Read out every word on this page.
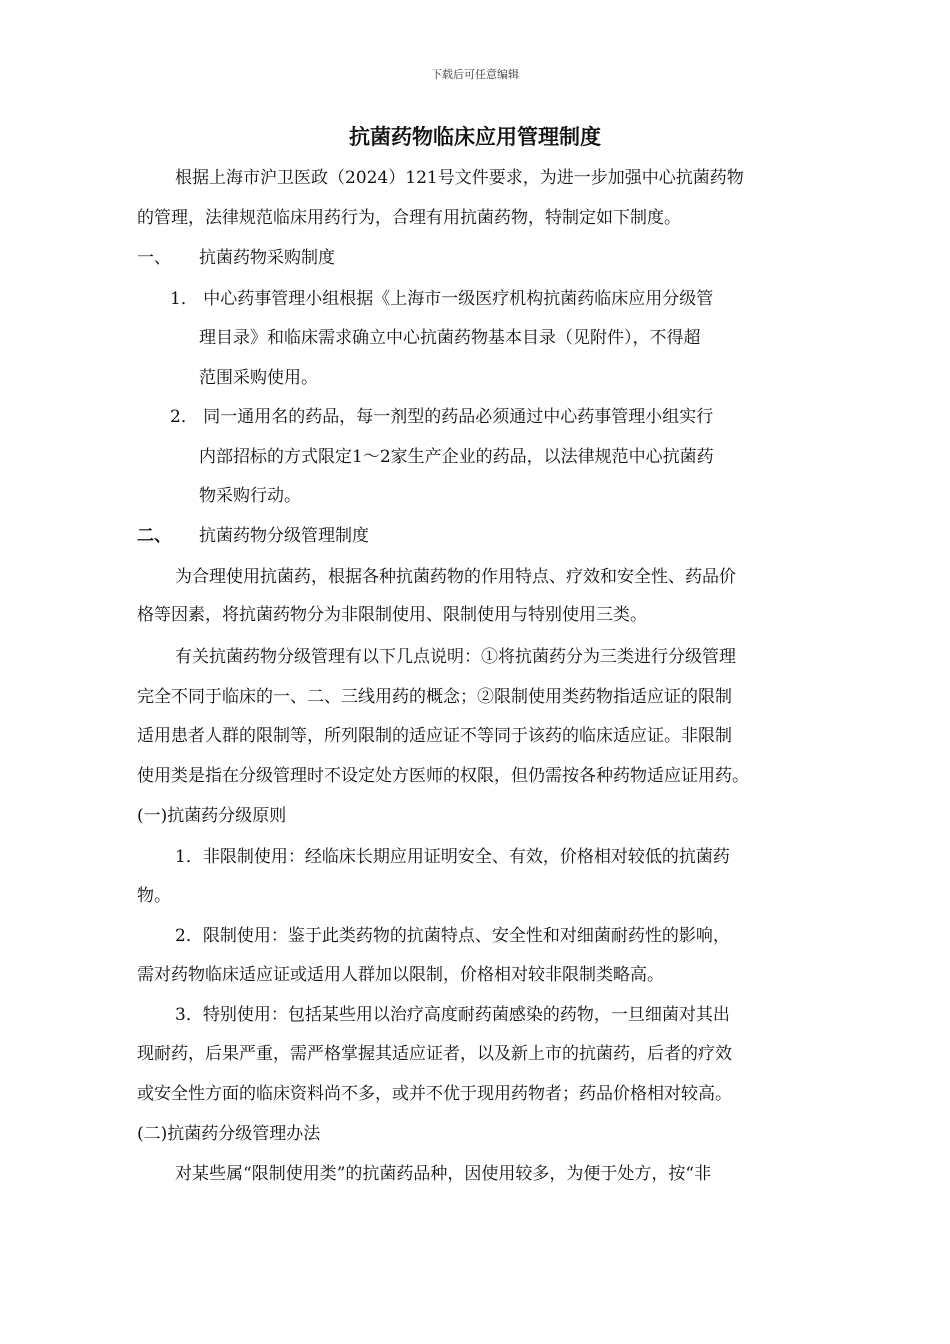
下载后可任意编辑
抗菌药物临床应用管理制度
根据上海市沪卫医政（2024）121号文件要求，为进一步加强中心抗菌药物
的管理，法律规范临床用药行为，合理有用抗菌药物，特制定如下制度。
一、 抗菌药物采购制度
1． 中心药事管理小组根据《上海市一级医疗机构抗菌药临床应用分级管
理目录》和临床需求确立中心抗菌药物基本目录（见附件），不得超
范围采购使用。
2． 同一通用名的药品，每一剂型的药品必须通过中心药事管理小组实行
内部招标的方式限定1～2家生产企业的药品，以法律规范中心抗菌药
物采购行动。
二、 抗菌药物分级管理制度
为合理使用抗菌药，根据各种抗菌药物的作用特点、疗效和安全性、药品价
格等因素，将抗菌药物分为非限制使用、限制使用与特别使用三类。
有关抗菌药物分级管理有以下几点说明：①将抗菌药分为三类进行分级管理
完全不同于临床的一、二、三线用药的概念；②限制使用类药物指适应证的限制
适用患者人群的限制等，所列限制的适应证不等同于该药的临床适应证。非限制
使用类是指在分级管理时不设定处方医师的权限，但仍需按各种药物适应证用药。
(一)抗菌药分级原则
1．非限制使用：经临床长期应用证明安全、有效，价格相对较低的抗菌药
物。
2．限制使用：鉴于此类药物的抗菌特点、安全性和对细菌耐药性的影响，
需对药物临床适应证或适用人群加以限制，价格相对较非限制类略高。
3．特别使用：包括某些用以治疗高度耐药菌感染的药物，一旦细菌对其出
现耐药，后果严重，需严格掌握其适应证者，以及新上市的抗菌药，后者的疗效
或安全性方面的临床资料尚不多，或并不优于现用药物者；药品价格相对较高。
(二)抗菌药分级管理办法
对某些属“限制使用类”的抗菌药品种，因使用较多，为便于处方，按“非
